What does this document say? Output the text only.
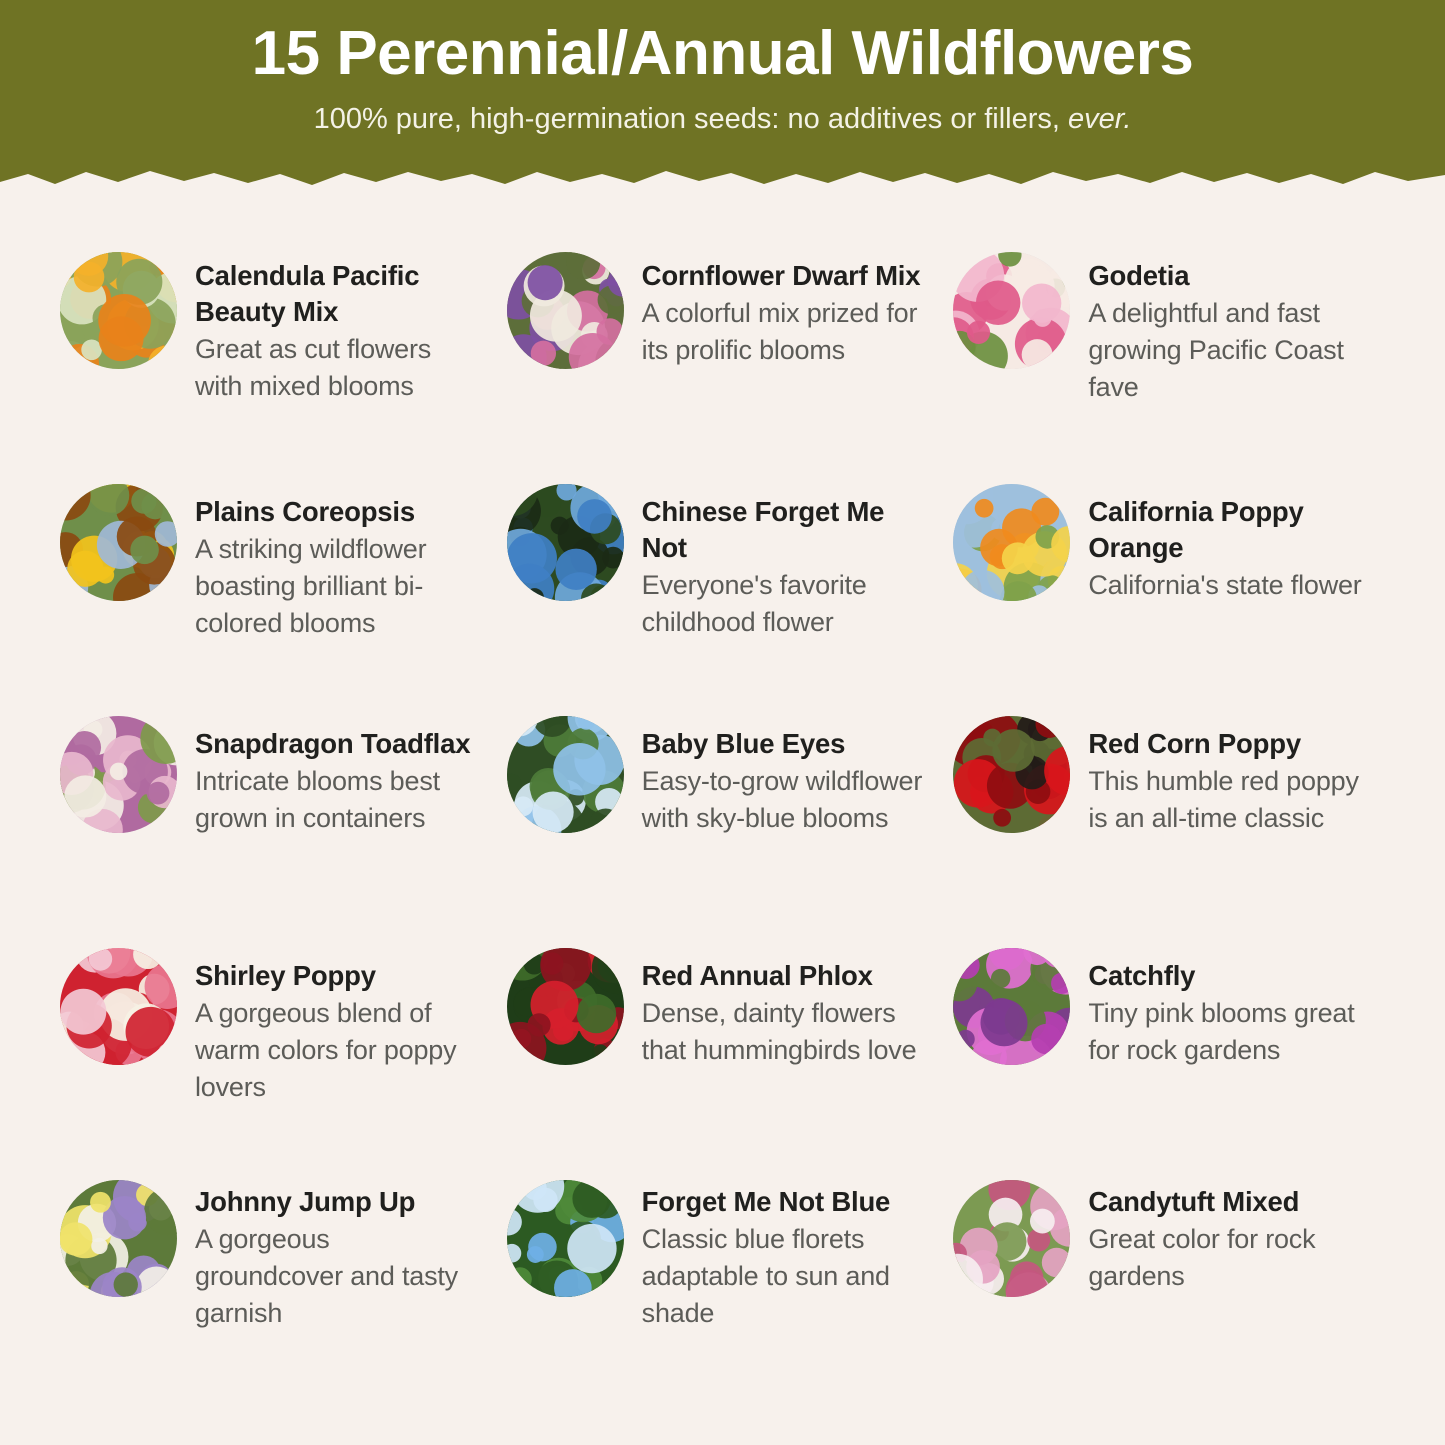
15 Perennial/Annual Wildflowers
100% pure, high-germination seeds: no additives or fillers, ever.
Calendula Pacific Beauty Mix
Great as cut flowers with mixed blooms
Cornflower Dwarf Mix
A colorful mix prized for its prolific blooms
Godetia
A delightful and fast growing Pacific Coast fave
Plains Coreopsis
A striking wildflower boasting brilliant bi-colored blooms
Chinese Forget Me Not
Everyone's favorite childhood flower
California Poppy Orange
California's state flower
Snapdragon Toadflax
Intricate blooms best grown in containers
Baby Blue Eyes
Easy-to-grow wildflower with sky-blue blooms
Red Corn Poppy
This humble red poppy is an all-time classic
Shirley Poppy
A gorgeous blend of warm colors for poppy lovers
Red Annual Phlox
Dense, dainty flowers that hummingbirds love
Catchfly
Tiny pink blooms great for rock gardens
Johnny Jump Up
A gorgeous groundcover and tasty garnish
Forget Me Not Blue
Classic blue florets adaptable to sun and shade
Candytuft Mixed
Great color for rock gardens
